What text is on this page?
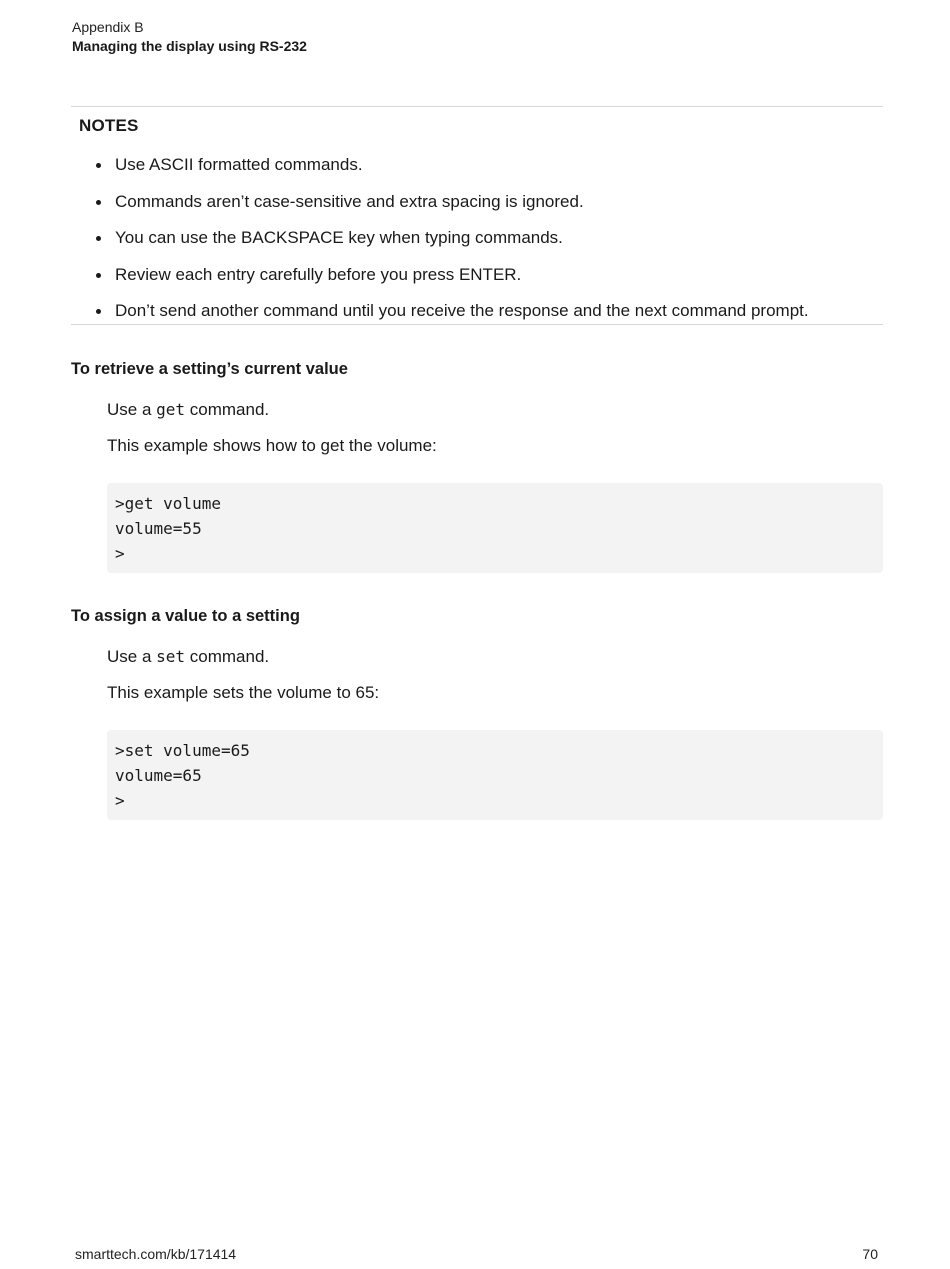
Appendix B
Managing the display using RS-232
NOTES
Use ASCII formatted commands.
Commands aren’t case-sensitive and extra spacing is ignored.
You can use the BACKSPACE key when typing commands.
Review each entry carefully before you press ENTER.
Don’t send another command until you receive the response and the next command prompt.
To retrieve a setting’s current value
Use a get command.
This example shows how to get the volume:
>get volume
volume=55
>
To assign a value to a setting
Use a set command.
This example sets the volume to 65:
>set volume=65
volume=65
>
smarttech.com/kb/171414	70
